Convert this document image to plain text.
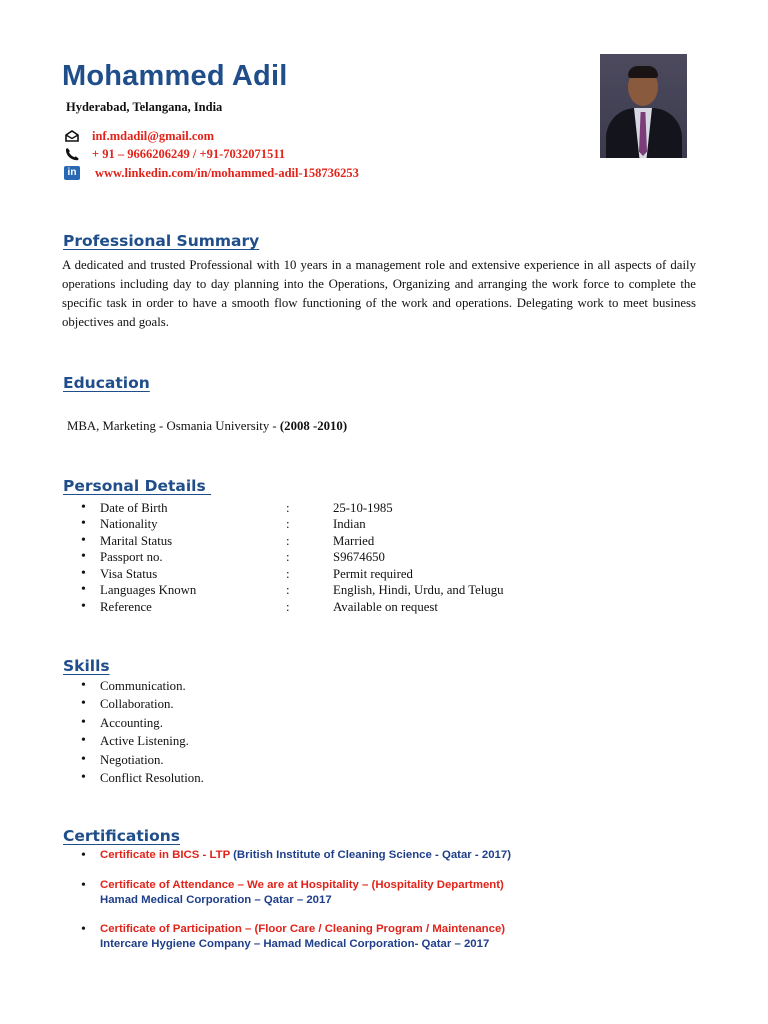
Mohammed Adil
Hyderabad, Telangana, India
inf.mdadil@gmail.com
+ 91 – 9666206249 / +91-7032071511
in www.linkedin.com/in/mohammed-adil-158736253
Professional Summary
A dedicated and trusted Professional with 10 years in a management role and extensive experience in all aspects of daily operations including day to day planning into the Operations, Organizing and arranging the work force to complete the specific task in order to have a smooth flow functioning of the work and operations. Delegating work to meet business objectives and goals.
Education
MBA, Marketing - Osmania University - (2008 -2010)
Personal Details
• Date of Birth	:	25-10-1985
• Nationality	:	Indian
• Marital Status	:	Married
• Passport no.	:	S9674650
• Visa Status	:	Permit required
• Languages Known	:	English, Hindi, Urdu, and Telugu
• Reference	:	Available on request
Skills
• Communication.
• Collaboration.
• Accounting.
• Active Listening.
• Negotiation.
• Conflict Resolution.
Certifications
• Certificate in BICS - LTP (British Institute of Cleaning Science - Qatar - 2017)
• Certificate of Attendance – We are at Hospitality – (Hospitality Department)
Hamad Medical Corporation – Qatar – 2017
• Certificate of Participation – (Floor Care / Cleaning Program / Maintenance)
Intercare Hygiene Company – Hamad Medical Corporation- Qatar – 2017
